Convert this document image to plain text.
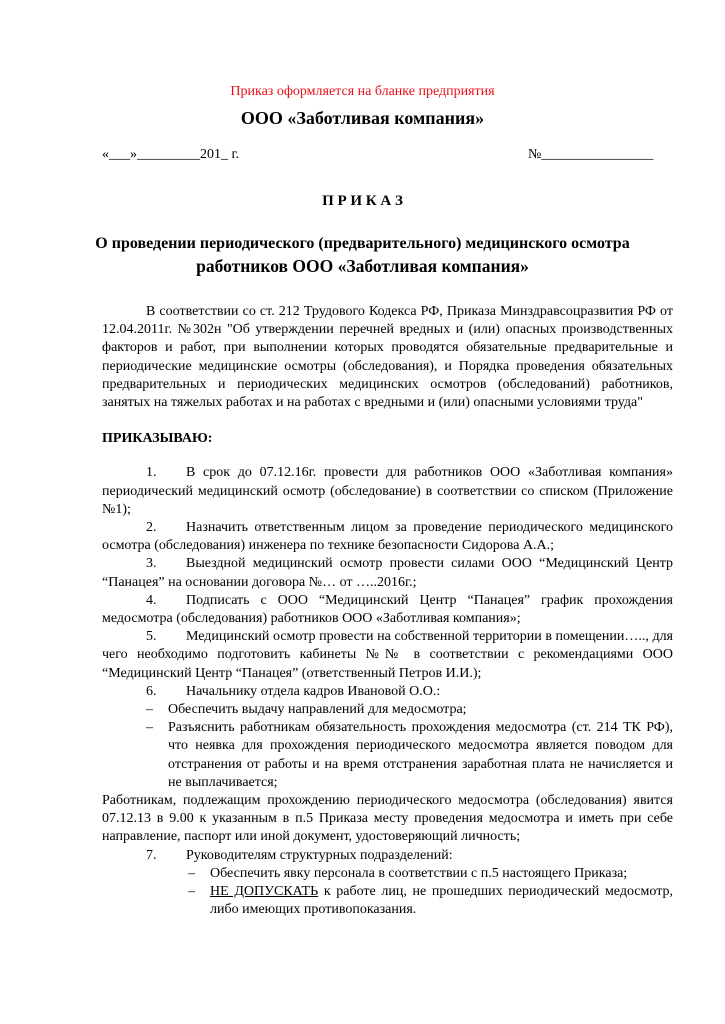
Приказ оформляется на бланке предприятия
ООО «Заботливая компания»
«___»_________201_ г.	№________________
П Р И К А З
О проведении периодического (предварительного) медицинского осмотра
работников ООО «Заботливая компания»

В соответствии со ст. 212 Трудового Кодекса РФ, Приказа Минздравсоцразвития РФ от 12.04.2011г. №302н "Об утверждении перечней вредных и (или) опасных производственных факторов и работ, при выполнении которых проводятся обязательные предварительные и периодические медицинские осмотры (обследования), и Порядка проведения обязательных предварительных и периодических медицинских осмотров (обследований) работников, занятых на тяжелых работах и на работах с вредными и (или) опасными условиями труда"

ПРИКАЗЫВАЮ:

1. В срок до 07.12.16г. провести для работников ООО «Заботливая компания» периодический медицинский осмотр (обследование) в соответствии со списком (Приложение №1);

2. Назначить ответственным лицом за проведение периодического медицинского осмотра (обследования) инженера по технике безопасности Сидорова А.А.;

3. Выездной медицинский осмотр провести силами ООО “Медицинский Центр “Панацея” на основании договора №… от …..2016г.;

4. Подписать с ООО “Медицинский Центр “Панацея” график прохождения медосмотра (обследования) работников ООО «Заботливая компания»;

5. Медицинский осмотр провести на собственной территории в помещении….., для чего необходимо подготовить кабинеты №№ в соответствии с рекомендациями ООО “Медицинский Центр “Панацея” (ответственный Петров И.И.);

6. Начальнику отдела кадров Ивановой О.О.:

– Обеспечить выдачу направлений для медосмотра;

– Разъяснить работникам обязательность прохождения медосмотра (ст. 214 ТК РФ), что неявка для прохождения периодического медосмотра является поводом для отстранения от работы и на время отстранения заработная плата не начисляется и не выплачивается;

Работникам, подлежащим прохождению периодического медосмотра (обследования) явится 07.12.13 в 9.00 к указанным в п.5 Приказа месту проведения медосмотра и иметь при себе направление, паспорт или иной документ, удостоверяющий личность;

7. Руководителям структурных подразделений:

– Обеспечить явку персонала в соответствии с п.5 настоящего Приказа;

– НЕ ДОПУСКАТЬ к работе лиц, не прошедших периодический медосмотр, либо имеющих противопоказания.
